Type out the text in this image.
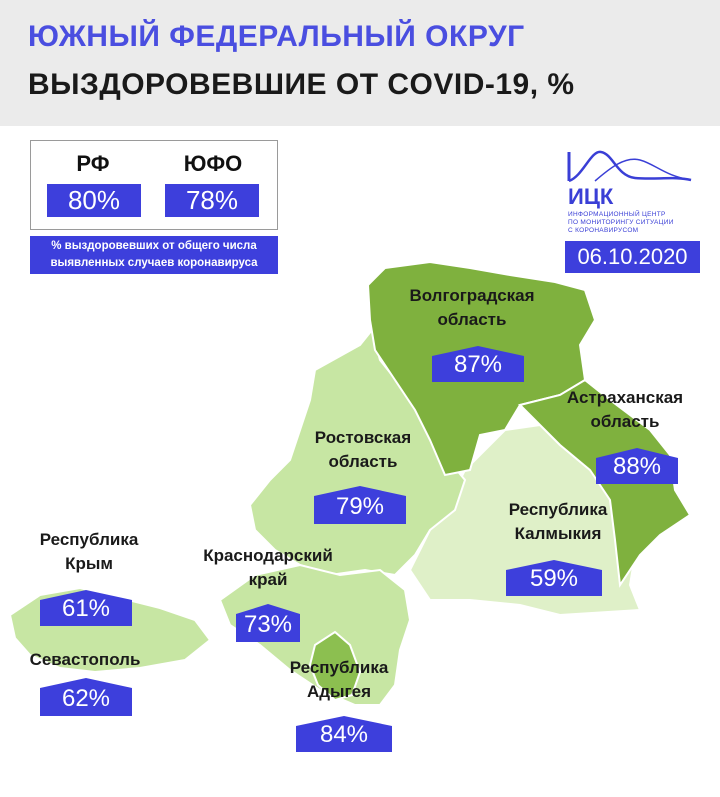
ЮЖНЫЙ ФЕДЕРАЛЬНЫЙ ОКРУГ
ВЫЗДОРОВЕВШИЕ ОТ COVID-19, %
РФ
80%
ЮФО
78%
% выздоровевших от общего числа
выявленных случаев коронавируса
ИЦК
ИНФОРМАЦИОННЫЙ ЦЕНТР
ПО МОНИТОРИНГУ СИТУАЦИИ
С КОРОНАВИРУСОМ
06.10.2020
Волгоградская
область
87%
Астраханская
область
88%
Ростовская
область
79%	Республика
Калмыкия
59%
Краснодарский
край
73%
Республика
Адыгея
84%
Республика
Крым
61%
Севастополь
62%
